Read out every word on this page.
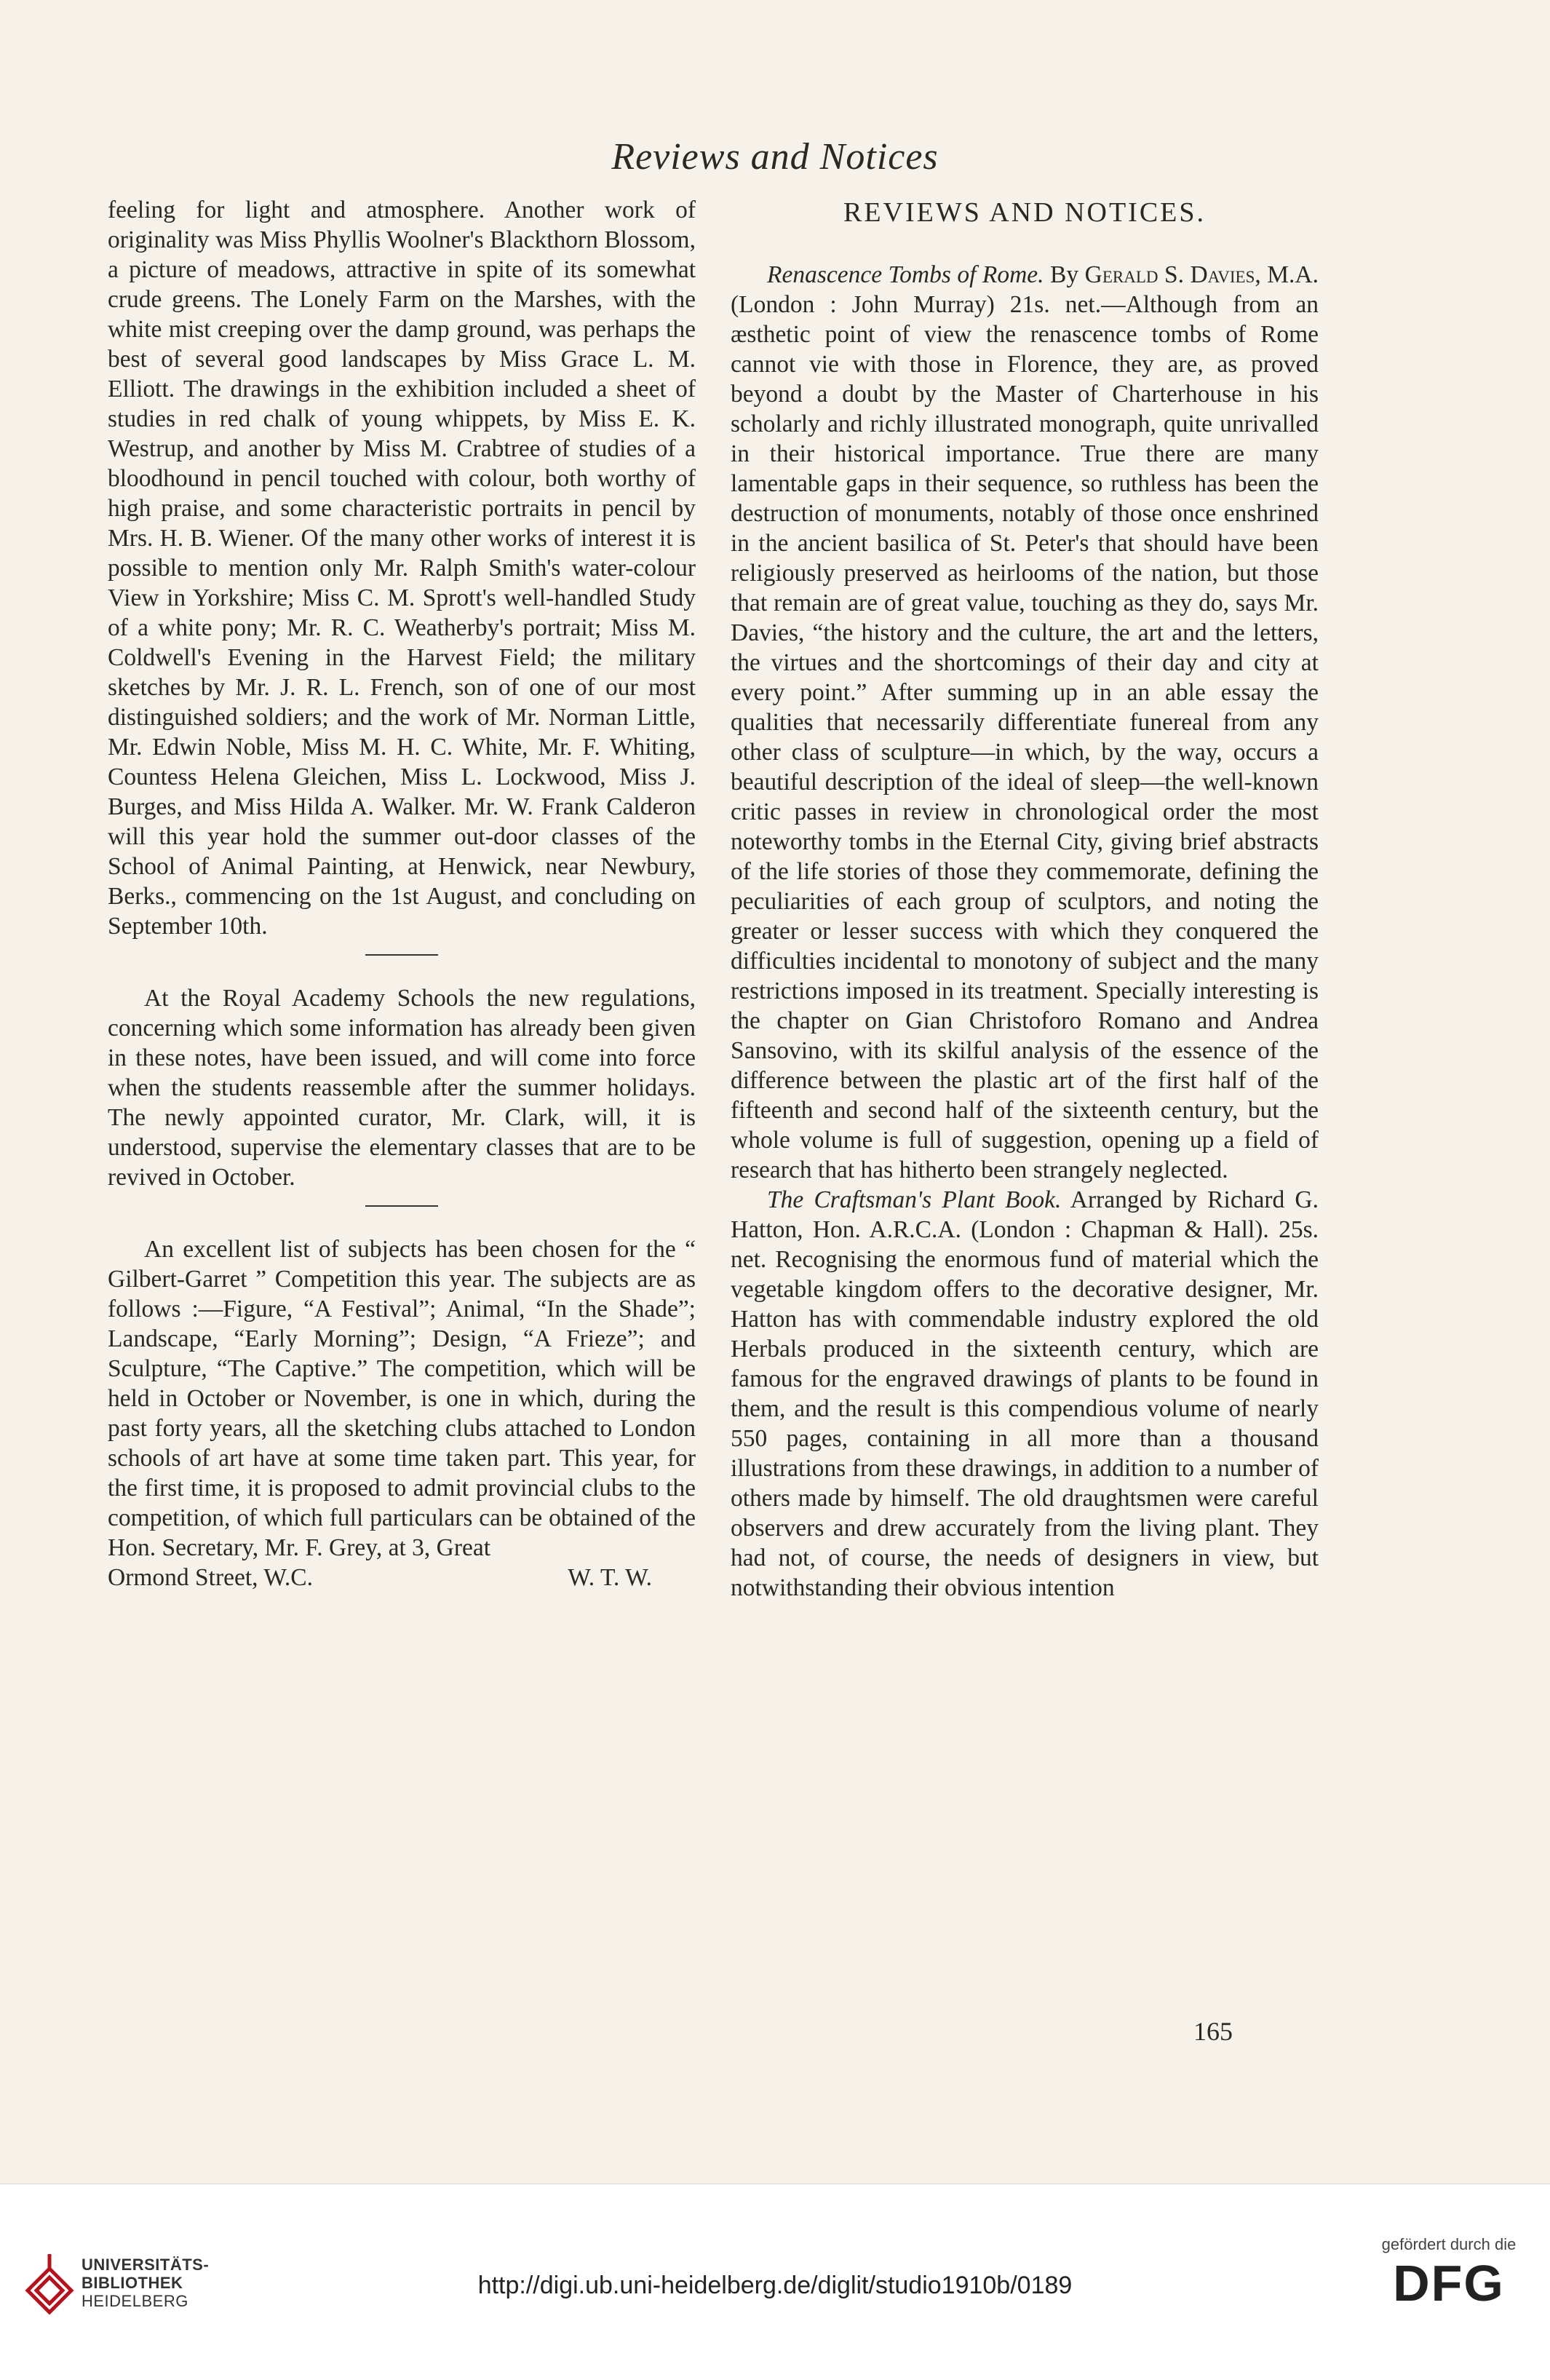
Reviews and Notices

feeling for light and atmosphere. Another work of originality was Miss Phyllis Woolner's Blackthorn Blossom, a picture of meadows, attractive in spite of its somewhat crude greens. The Lonely Farm on the Marshes, with the white mist creeping over the damp ground, was perhaps the best of several good landscapes by Miss Grace L. M. Elliott. The drawings in the exhibition included a sheet of studies in red chalk of young whippets, by Miss E. K. Westrup, and another by Miss M. Crabtree of studies of a bloodhound in pencil touched with colour, both worthy of high praise, and some characteristic portraits in pencil by Mrs. H. B. Wiener. Of the many other works of interest it is possible to mention only Mr. Ralph Smith's water-colour View in Yorkshire; Miss C. M. Sprott's well-handled Study of a white pony; Mr. R. C. Weatherby's portrait; Miss M. Coldwell's Evening in the Harvest Field; the military sketches by Mr. J. R. L. French, son of one of our most distinguished soldiers; and the work of Mr. Norman Little, Mr. Edwin Noble, Miss M. H. C. White, Mr. F. Whiting, Countess Helena Gleichen, Miss L. Lockwood, Miss J. Burges, and Miss Hilda A. Walker. Mr. W. Frank Calderon will this year hold the summer out-door classes of the School of Animal Painting, at Henwick, near Newbury, Berks., commencing on the 1st August, and concluding on September 10th.

At the Royal Academy Schools the new regulations, concerning which some information has already been given in these notes, have been issued, and will come into force when the students reassemble after the summer holidays. The newly appointed curator, Mr. Clark, will, it is understood, supervise the elementary classes that are to be revived in October.

An excellent list of subjects has been chosen for the “ Gilbert-Garret ” Competition this year. The subjects are as follows :—Figure, “A Festival”; Animal, “In the Shade”; Landscape, “Early Morning”; Design, “A Frieze”; and Sculpture, “The Captive.” The competition, which will be held in October or November, is one in which, during the past forty years, all the sketching clubs attached to London schools of art have at some time taken part. This year, for the first time, it is proposed to admit provincial clubs to the competition, of which full particulars can be obtained of the Hon. Secretary, Mr. F. Grey, at 3, Great

Ormond Street, W.C.	W. T. W.
REVIEWS AND NOTICES.

Renascence Tombs of Rome. By Gerald S. Davies, M.A. (London : John Murray) 21s. net.—Although from an æsthetic point of view the renascence tombs of Rome cannot vie with those in Florence, they are, as proved beyond a doubt by the Master of Charterhouse in his scholarly and richly illustrated monograph, quite unrivalled in their historical importance. True there are many lamentable gaps in their sequence, so ruthless has been the destruction of monuments, notably of those once enshrined in the ancient basilica of St. Peter's that should have been religiously preserved as heirlooms of the nation, but those that remain are of great value, touching as they do, says Mr. Davies, “the history and the culture, the art and the letters, the virtues and the shortcomings of their day and city at every point.” After summing up in an able essay the qualities that necessarily differentiate funereal from any other class of sculpture—in which, by the way, occurs a beautiful description of the ideal of sleep—the well-known critic passes in review in chronological order the most noteworthy tombs in the Eternal City, giving brief abstracts of the life stories of those they commemorate, defining the peculiarities of each group of sculptors, and noting the greater or lesser success with which they conquered the difficulties incidental to monotony of subject and the many restrictions imposed in its treatment. Specially interesting is the chapter on Gian Christoforo Romano and Andrea Sansovino, with its skilful analysis of the essence of the difference between the plastic art of the first half of the fifteenth and second half of the sixteenth century, but the whole volume is full of suggestion, opening up a field of research that has hitherto been strangely neglected.

The Craftsman's Plant Book. Arranged by Richard G. Hatton, Hon. A.R.C.A. (London : Chapman & Hall). 25s. net. Recognising the enormous fund of material which the vegetable kingdom offers to the decorative designer, Mr. Hatton has with commendable industry explored the old Herbals produced in the sixteenth century, which are famous for the engraved drawings of plants to be found in them, and the result is this compendious volume of nearly 550 pages, containing in all more than a thousand illustrations from these drawings, in addition to a number of others made by himself. The old draughtsmen were careful observers and drew accurately from the living plant. They had not, of course, the needs of designers in view, but notwithstanding their obvious intention

165
UNIVERSITÄTS-
BIBLIOTHEK
HEIDELBERG
http://digi.ub.uni-heidelberg.de/diglit/studio1910b/0189
gefördert durch die
DFG
